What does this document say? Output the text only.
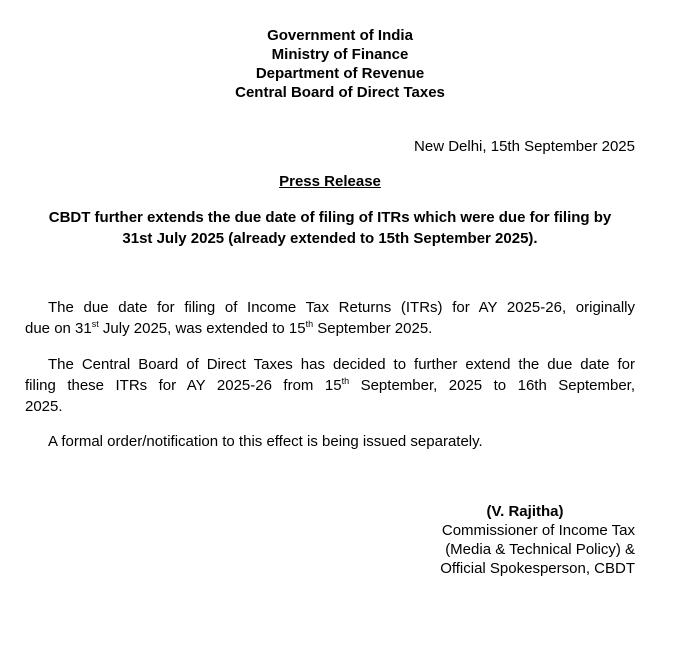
Government of India
Ministry of Finance
Department of Revenue
Central Board of Direct Taxes
New Delhi, 15th September 2025
Press Release
CBDT further extends the due date of filing of ITRs which were due for filing by
31st July 2025 (already extended to 15th September 2025).
The due date for filing of Income Tax Returns (ITRs) for AY 2025-26, originally
due on 31st July 2025, was extended to 15th September 2025.
The Central Board of Direct Taxes has decided to further extend the due date for
filing these ITRs for AY 2025-26 from 15th September, 2025 to 16th September,
2025.
A formal order/notification to this effect is being issued separately.
(V. Rajitha)
Commissioner of Income Tax
(Media & Technical Policy) &
Official Spokesperson, CBDT
